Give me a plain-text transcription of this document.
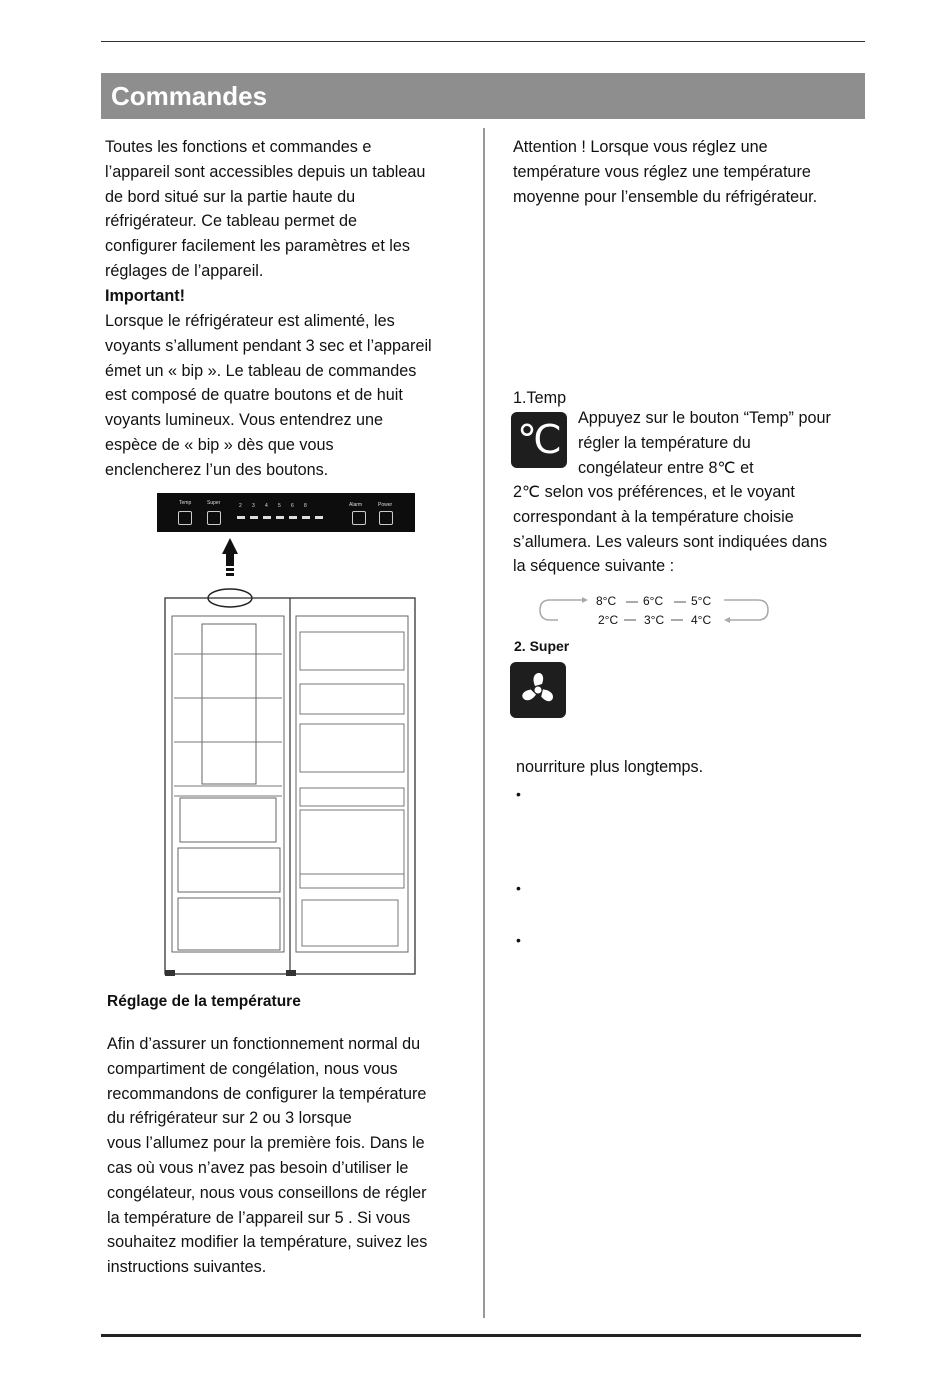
Commandes

Toutes les fonctions et commandes e
l’appareil sont accessibles depuis un tableau
de bord situé sur la partie haute du
réfrigérateur. Ce tableau permet de
configurer facilement les paramètres et les
réglages de l’appareil.

Important!

Lorsque le réfrigérateur est alimenté, les
voyants s’allument pendant 3 sec et l’appareil
émet un « bip ». Le tableau de commandes
est composé de quatre boutons et de huit
voyants lumineux. Vous entendrez une
espèce de « bip » dès que vous
enclencherez l’un des boutons.

Temp	Super	Alarm	Power
2 3 4 5 6 8

Réglage de la température

Afin d’assurer un fonctionnement normal du
compartiment de congélation, nous vous
recommandons de configurer la température
du réfrigérateur sur 2 ou 3 lorsque
vous l’allumez pour la première fois. Dans le
cas où vous n’avez pas besoin d’utiliser le
congélateur, nous vous conseillons de régler
la température de l’appareil sur 5 . Si vous
souhaitez modifier la température, suivez les
instructions suivantes.

Attention ! Lorsque vous réglez une
température vous réglez une température
moyenne pour l’ensemble du réfrigérateur.

1.Temp

℃ Appuyez sur le bouton “Temp” pour
régler la température du
congélateur entre 8℃ et

2℃ selon vos préférences, et le voyant
correspondant à la température choisie
s’allumera. Les valeurs sont indiquées dans
la séquence suivante :

8°C 6°C 5°C
2°C 3°C 4°C

2. Super

nourriture plus longtemps.

•
•
•
